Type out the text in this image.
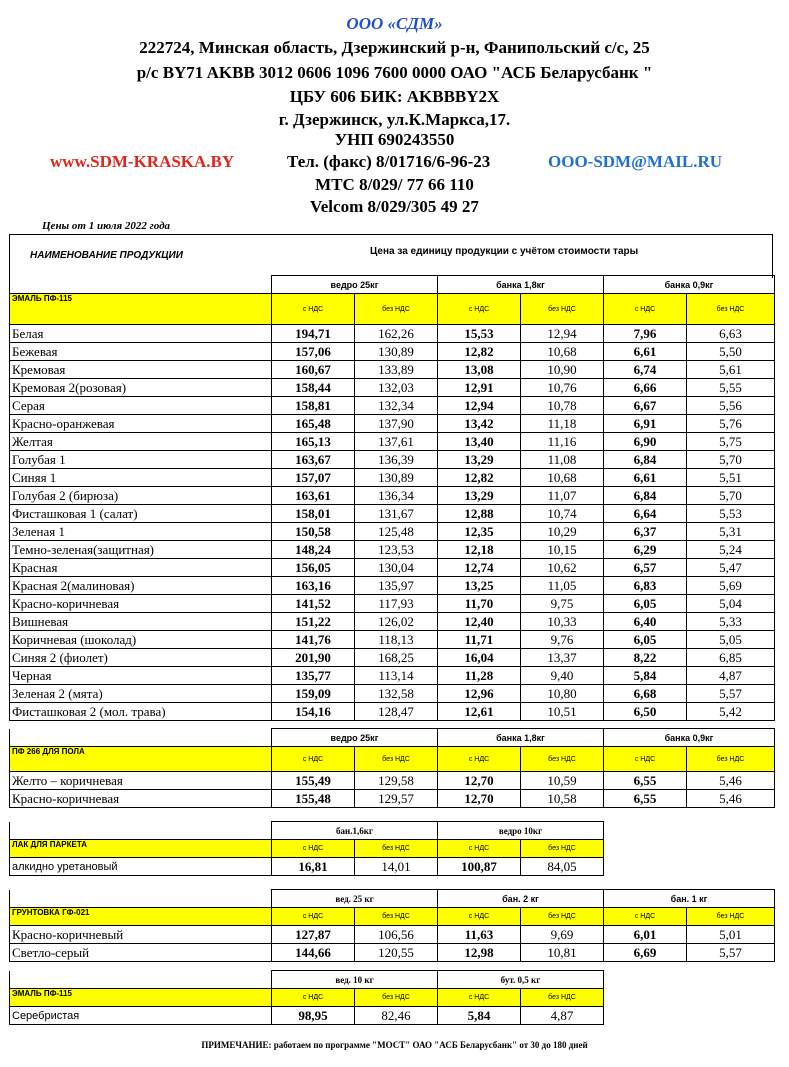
ООО «СДМ»
222724, Минская область, Дзержинский р-н, Фанипольский с/с, 25
р/с BY71 AKBB 3012 0606 1096 7600 0000 ОАО "АСБ Беларусбанк "
ЦБУ 606 БИК: AKBBBY2X
г. Дзержинск, ул.К.Маркса,17.
УНП 690243550
www.SDM-KRASKA.BY	Тел. (факс) 8/01716/6-96-23	OOO-SDM@MAIL.RU
МТС 8/029/ 77 66 110
Velcom 8/029/305 49 27
Цены от 1 июля 2022 года
НАИМЕНОВАНИЕ ПРОДУКЦИИ	Цена за единицу продукции с учётом стоимости тары
	ведро 25кг		банка 1,8кг		банка 0,9кг	
ЭМАЛЬ ПФ-115	с НДС	без НДС	с НДС	без НДС	с НДС	без НДС
Белая	194,71	162,26	15,53	12,94	7,96	6,63
Бежевая	157,06	130,89	12,82	10,68	6,61	5,50
Кремовая	160,67	133,89	13,08	10,90	6,74	5,61
Кремовая 2(розовая)	158,44	132,03	12,91	10,76	6,66	5,55
Серая	158,81	132,34	12,94	10,78	6,67	5,56
Красно-оранжевая	165,48	137,90	13,42	11,18	6,91	5,76
Желтая	165,13	137,61	13,40	11,16	6,90	5,75
Голубая 1	163,67	136,39	13,29	11,08	6,84	5,70
Синяя 1	157,07	130,89	12,82	10,68	6,61	5,51
Голубая 2 (бирюза)	163,61	136,34	13,29	11,07	6,84	5,70
Фисташковая 1 (салат)	158,01	131,67	12,88	10,74	6,64	5,53
Зеленая 1	150,58	125,48	12,35	10,29	6,37	5,31
Темно-зеленая(защитная)	148,24	123,53	12,18	10,15	6,29	5,24
Красная	156,05	130,04	12,74	10,62	6,57	5,47
Красная 2(малиновая)	163,16	135,97	13,25	11,05	6,83	5,69
Красно-коричневая	141,52	117,93	11,70	9,75	6,05	5,04
Вишневая	151,22	126,02	12,40	10,33	6,40	5,33
Коричневая (шоколад)	141,76	118,13	11,71	9,76	6,05	5,05
Синяя 2 (фиолет)	201,90	168,25	16,04	13,37	8,22	6,85
Черная	135,77	113,14	11,28	9,40	5,84	4,87
Зеленая 2 (мята)	159,09	132,58	12,96	10,80	6,68	5,57
Фисташковая 2 (мол. трава)	154,16	128,47	12,61	10,51	6,50	5,42
	ведро 25кг		банка 1,8кг		банка 0,9кг	
ПФ 266 ДЛЯ ПОЛА	с НДС	без НДС	с НДС	без НДС	с НДС	без НДС
Желто – коричневая	155,49	129,58	12,70	10,59	6,55	5,46
Красно-коричневая	155,48	129,57	12,70	10,58	6,55	5,46
	бан.1,6кг		ведро 10кг	
ЛАК ДЛЯ ПАРКЕТА	с НДС	без НДС	с НДС	без НДС
алкидно уретановый	16,81	14,01	100,87	84,05
	вед. 25 кг		бан. 2 кг		бан. 1 кг	
ГРУНТОВКА ГФ-021	с НДС	без НДС	с НДС	без НДС	с НДС	без НДС
Красно-коричневый	127,87	106,56	11,63	9,69	6,01	5,01
Светло-серый	144,66	120,55	12,98	10,81	6,69	5,57
	вед. 10 кг		бут. 0,5 кг	
ЭМАЛЬ ПФ-115	с НДС	без НДС	с НДС	без НДС
Серебристая	98,95	82,46	5,84	4,87
ПРИМЕЧАНИЕ: работаем по программе "МОСТ" ОАО "АСБ Беларусбанк" от 30 до 180 дней
